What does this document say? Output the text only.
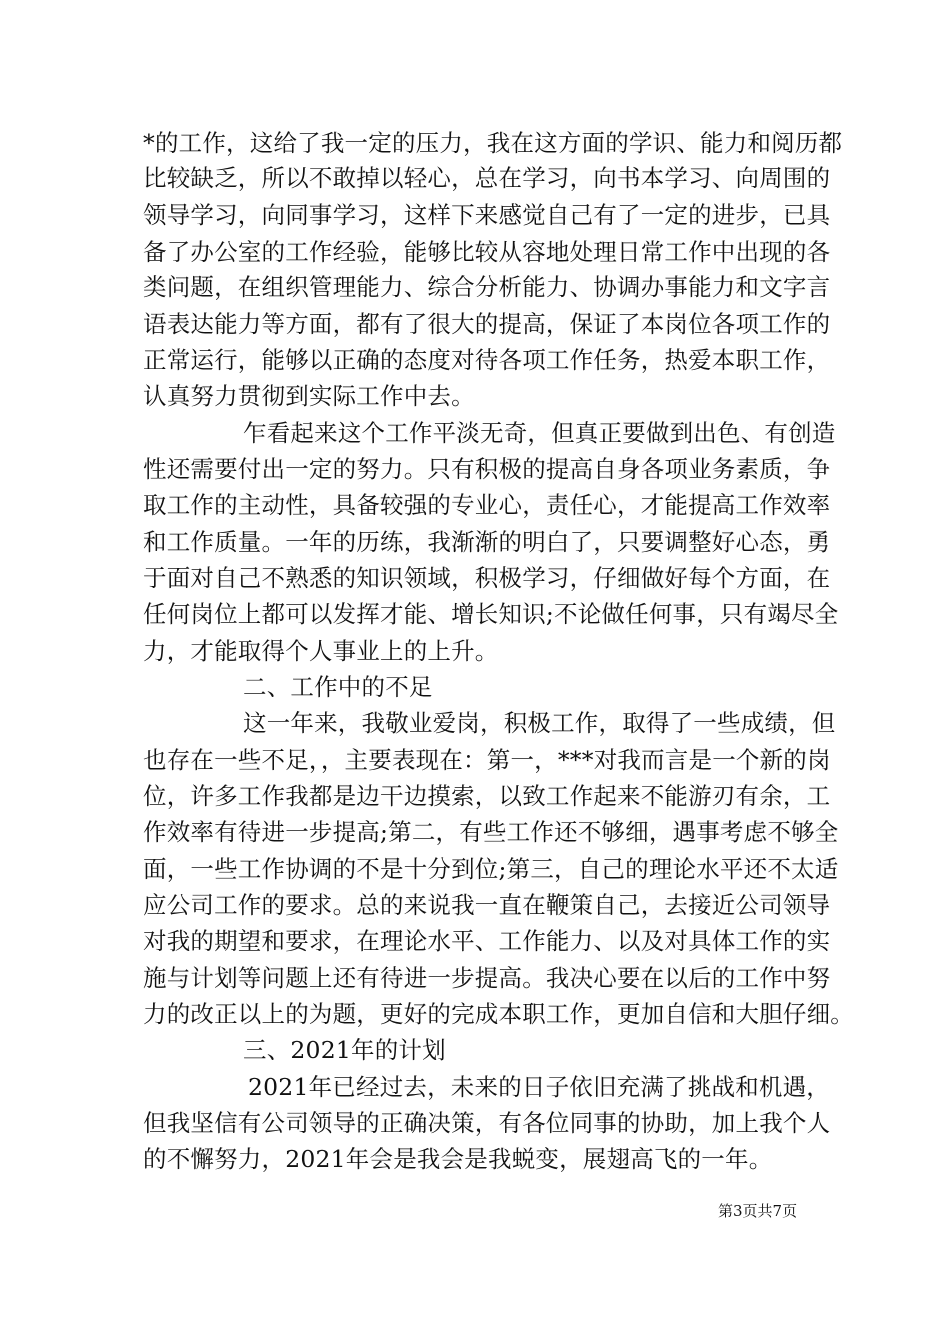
*的工作，这给了我一定的压力，我在这方面的学识、能力和阅历都
比较缺乏，所以不敢掉以轻心，总在学习，向书本学习、向周围的
领导学习，向同事学习，这样下来感觉自己有了一定的进步，已具
备了办公室的工作经验，能够比较从容地处理日常工作中出现的各
类问题，在组织管理能力、综合分析能力、协调办事能力和文字言
语表达能力等方面，都有了很大的提高，保证了本岗位各项工作的
正常运行，能够以正确的态度对待各项工作任务，热爱本职工作，
认真努力贯彻到实际工作中去。
乍看起来这个工作平淡无奇，但真正要做到出色、有创造
性还需要付出一定的努力。只有积极的提高自身各项业务素质，争
取工作的主动性，具备较强的专业心，责任心，才能提高工作效率
和工作质量。一年的历练，我渐渐的明白了，只要调整好心态，勇
于面对自己不熟悉的知识领域，积极学习，仔细做好每个方面，在
任何岗位上都可以发挥才能、增长知识;不论做任何事，只有竭尽全
力，才能取得个人事业上的上升。
二、工作中的不足
这一年来，我敬业爱岗，积极工作，取得了一些成绩，但
也存在一些不足，，主要表现在：第一，***对我而言是一个新的岗
位，许多工作我都是边干边摸索，以致工作起来不能游刃有余，工
作效率有待进一步提高;第二，有些工作还不够细，遇事考虑不够全
面，一些工作协调的不是十分到位;第三，自己的理论水平还不太适
应公司工作的要求。总的来说我一直在鞭策自己，去接近公司领导
对我的期望和要求，在理论水平、工作能力、以及对具体工作的实
施与计划等问题上还有待进一步提高。我决心要在以后的工作中努
力的改正以上的为题，更好的完成本职工作，更加自信和大胆仔细。
三、2021年的计划
2021年已经过去，未来的日子依旧充满了挑战和机遇，
但我坚信有公司领导的正确决策，有各位同事的协助，加上我个人
的不懈努力，2021年会是我会是我蜕变，展翅高飞的一年。
第3页共7页
